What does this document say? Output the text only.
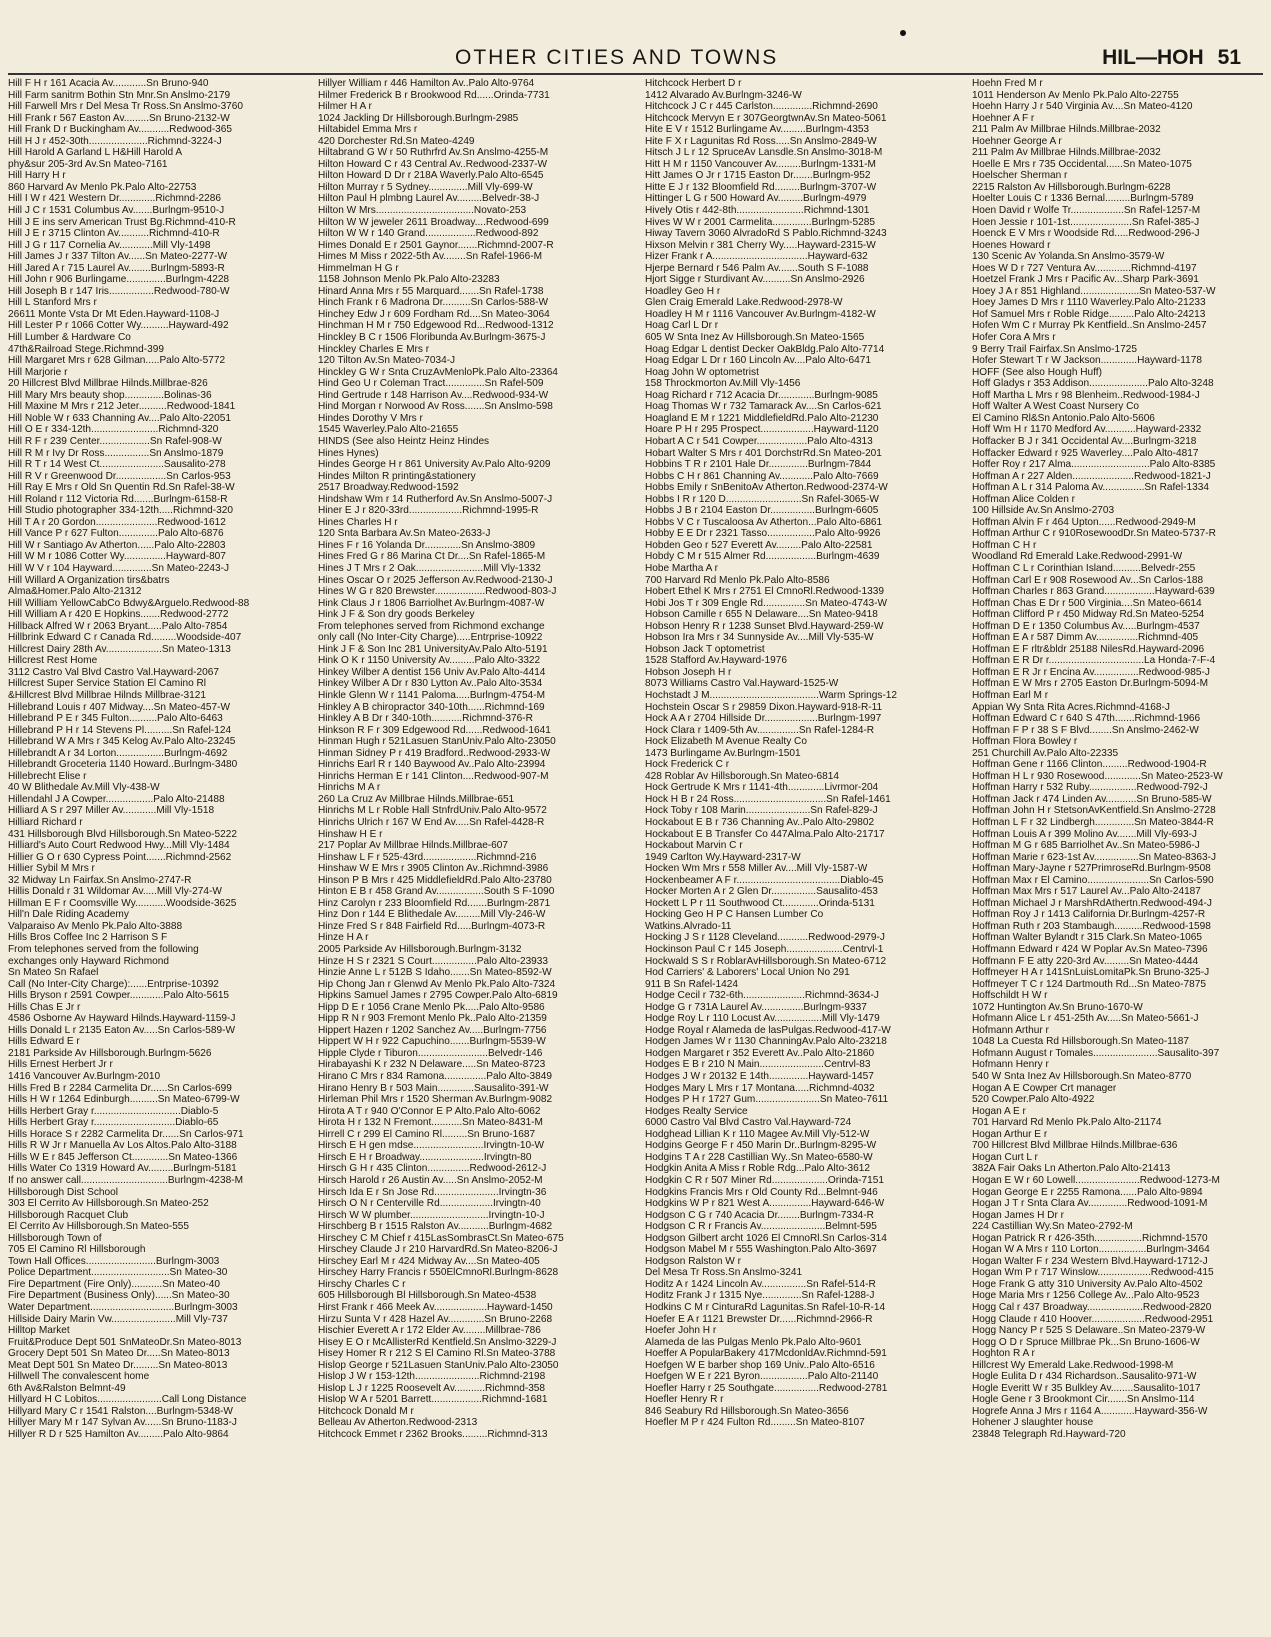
OTHER CITIES AND TOWNS	HIL—HOH 51
Hill F H r 161 Acacia Av............Sn Bruno-940
Hill Farm sanitrm Bothin Stn Mnr.Sn Anslmo-2179
Hill Farwell Mrs r Del Mesa Tr Ross.Sn Anslmo-3760
Hill Frank r 567 Easton Av.........Sn Bruno-2132-W
Hill Frank D r Buckingham Av...........Redwood-365
Hill H J r 452-30th.....................Richmnd-3224-J
Hill Harold A Garland L H&Hill Harold A
phy&sur 205-3rd Av.Sn Mateo-7161
Hill Harry H r
860 Harvard Av Menlo Pk.Palo Alto-22753
Hill I W r 421 Western Dr.............Richmnd-2286
Hill J C r 1531 Columbus Av.......Burlngm-9510-J
Hill J E ins serv American Trust Bg.Richmnd-410-R
Hill J E r 3715 Clinton Av...........Richmnd-410-R
Hill J G r 117 Cornelia Av............Mill Vly-1498
Hill James J r 337 Tilton Av......Sn Mateo-2277-W
Hill Jared A r 715 Laurel Av........Burlngm-5893-R
Hill John r 906 Burlingame..............Burlngm-4228
Hill Joseph B r 147 Iris................Redwood-780-W
Hill L Stanford Mrs r
26611 Monte Vsta Dr Mt Eden.Hayward-1108-J
Hill Lester P r 1066 Cotter Wy..........Hayward-492
Hill Lumber & Hardware Co
47th&Railroad Stege.Richmnd-399
Hill Margaret Mrs r 628 Gilman.....Palo Alto-5772
Hill Marjorie r
20 Hillcrest Blvd Millbrae Hilnds.Millbrae-826
Hill Mary Mrs beauty shop..............Bolinas-36
Hill Maxine M Mrs r 212 Jeter..........Redwood-1841
Hill Noble W r 633 Channing Av....Palo Alto-22051
Hill O E r 334-12th........................Richmnd-320
Hill R F r 239 Center..................Sn Rafel-908-W
Hill R M r Ivy Dr Ross................Sn Anslmo-1879
Hill R T r 14 West Ct.......................Sausalito-278
Hill R V r Greenwood Dr..................Sn Carlos-953
Hill Ray E Mrs r Old Sn Quentin Rd.Sn Rafel-38-W
Hill Roland r 112 Victoria Rd.......Burlngm-6158-R
Hill Studio photographer 334-12th.....Richmnd-320
Hill T A r 20 Gordon......................Redwood-1612
Hill Vance P r 627 Fulton..............Palo Alto-6876
Hill W r Santiago Av Atherton......Palo Alto-22803
Hill W M r 1086 Cotter Wy...............Hayward-807
Hill W V r 104 Hayward..............Sn Mateo-2243-J
Hill Willard A Organization tirs&batrs
Alma&Homer.Palo Alto-21312
Hill William YellowCabCo Bdwy&Arguelo.Redwood-88
Hill William A r 420 E Hopkins.......Redwood-2772
Hillback Alfred W r 2063 Bryant.....Palo Alto-7854
Hillbrink Edward C r Canada Rd.........Woodside-407
Hillcrest Dairy 28th Av....................Sn Mateo-1313
Hillcrest Rest Home
3112 Castro Val Blvd Castro Val.Hayward-2067
Hillcrest Super Service Station El Camino Rl
&Hillcrest Blvd Millbrae Hilnds Millbrae-3121
Hillebrand Louis r 407 Midway....Sn Mateo-457-W
Hillebrand P E r 345 Fulton..........Palo Alto-6463
Hillebrand P H r 14 Stevens Pl..........Sn Rafel-124
Hillebrand W A Mrs r 345 Kelog Av.Palo Alto-23245
Hillebrandt A r 34 Lorton.................Burlngm-4692
Hillebrandt Groceteria 1140 Howard..Burlngm-3480
Hillebrecht Elise r
40 W Blithedale Av.Mill Vly-438-W
Hillendahl J A Cowper.................Palo Alto-21488
Hilliard A S r 297 Miller Av............Mill Vly-1518
Hilliard Richard r
431 Hillsborough Blvd Hillsborough.Sn Mateo-5222
Hilliard's Auto Court Redwood Hwy...Mill Vly-1484
Hillier G O r 630 Cypress Point.......Richmnd-2562
Hillier Sybil M Mrs r
32 Midway Ln Fairfax.Sn Anslmo-2747-R
Hillis Donald r 31 Wildomar Av.....Mill Vly-274-W
Hillman E F r Coomsville Wy...........Woodside-3625
Hill'n Dale Riding Academy
Valparaiso Av Menlo Pk.Palo Alto-3888
Hills Bros Coffee Inc 2 Harrison S F
From telephones served from the following
exchanges only Hayward Richmond
Sn Mateo Sn Rafael
Call (No Inter-City Charge):......Entrprise-10392
Hills Bryson r 2591 Cowper............Palo Alto-5615
Hills Chas E Jr r
4586 Osborne Av Hayward Hilnds.Hayward-1159-J
Hills Donald L r 2135 Eaton Av.....Sn Carlos-589-W
Hills Edward E r
2181 Parkside Av Hillsborough.Burlngm-5626
Hills Ernest Herbert Jr r
1416 Vancouver Av.Burlngm-2010
Hills Fred B r 2284 Carmelita Dr......Sn Carlos-699
Hills H W r 1264 Edinburgh..........Sn Mateo-6799-W
Hills Herbert Gray r...............................Diablo-5
Hills Herbert Gray r.............................Diablo-65
Hills Horace S r 2282 Carmelita Dr......Sn Carlos-971
Hills R W Jr r Manuella Av Los Altos.Palo Alto-3188
Hills W E r 845 Jefferson Ct.............Sn Mateo-1366
Hills Water Co 1319 Howard Av.........Burlngm-5181
If no answer call...............................Burlngm-4238-M
Hillsborough Dist School
303 El Cerrito Av Hillsborough.Sn Mateo-252
Hillsborough Racquet Club
El Cerrito Av Hillsborough.Sn Mateo-555
Hillsborough Town of
705 El Camino Rl Hillsborough
Town Hall Offices.........................Burlngm-3003
Police Department............................Sn Mateo-30
Fire Department (Fire Only)...........Sn Mateo-40
Fire Department (Business Only)......Sn Mateo-30
Water Department..............................Burlngm-3003
Hillside Dairy Marin Vw.......................Mill Vly-737
Hilltop Market
Fruit&Produce Dept 501 SnMateoDr.Sn Mateo-8013
Grocery Dept 501 Sn Mateo Dr.....Sn Mateo-8013
Meat Dept 501 Sn Mateo Dr.........Sn Mateo-8013
Hillwell The convalescent home
6th Av&Ralston Belmnt-49
Hillyard H C Lobitos.......................Call Long Distance
Hillyard Mary C r 1541 Ralston....Burlngm-5348-W
Hillyer Mary M r 147 Sylvan Av......Sn Bruno-1183-J
Hillyer R D r 525 Hamilton Av.........Palo Alto-9864
Hillyer William r 446 Hamilton Av..Palo Alto-9764
Hilmer Frederick B r Brookwood Rd......Orinda-7731
Hilmer H A r
1024 Jackling Dr Hillsborough.Burlngm-2985
Hiltabidel Emma Mrs r
420 Dorchester Rd.Sn Mateo-4249
Hiltabrand G W r 50 Ruthrfrd Av.Sn Anslmo-4255-M
Hilton Howard C r 43 Central Av..Redwood-2337-W
Hilton Howard D Dr r 218A Waverly.Palo Alto-6545
Hilton Murray r 5 Sydney..............Mill Vly-699-W
Hilton Paul H plmbng Laurel Av.........Belvedr-38-J
Hilton W Mrs...................................Novato-253
Hilton W W jeweler 2611 Broadway....Redwood-699
Hilton W W r 140 Grand..................Redwood-892
Himes Donald E r 2501 Gaynor.......Richmnd-2007-R
Himes M Miss r 2022-5th Av........Sn Rafel-1966-M
Himmelman H G r
1158 Johnson Menlo Pk.Palo Alto-23283
Hinard Anna Mrs r 55 Marquard.......Sn Rafel-1738
Hinch Frank r 6 Madrona Dr..........Sn Carlos-588-W
Hinchey Edw J r 609 Fordham Rd....Sn Mateo-3064
Hinchman H M r 750 Edgewood Rd...Redwood-1312
Hinckley B C r 1506 Floribunda Av.Burlngm-3675-J
Hinckley Charles E Mrs r
120 Tilton Av.Sn Mateo-7034-J
Hinckley G W r Snta CruzAvMenloPk.Palo Alto-23364
Hind Geo U r Coleman Tract..............Sn Rafel-509
Hind Gertrude r 148 Harrison Av....Redwood-934-W
Hind Morgan r Norwood Av Ross.......Sn Anslmo-598
Hindes Dorothy V Mrs r
1545 Waverley.Palo Alto-21655
HINDS (See also Heintz Heinz Hindes
Hines Hynes)
Hindes George H r 861 University Av.Palo Alto-9209
Hindes Milton R printing&stationery
2517 Broadway.Redwood-1592
Hindshaw Wm r 14 Rutherford Av.Sn Anslmo-5007-J
Hiner E J r 820-33rd...................Richmnd-1995-R
Hines Charles H r
120 Snta Barbara Av.Sn Mateo-2633-J
Hines F r 16 Yolanda Dr.............Sn Anslmo-3809
Hines Fred G r 86 Marina Ct Dr....Sn Rafel-1865-M
Hines J T Mrs r 2 Oak........................Mill Vly-1332
Hines Oscar O r 2025 Jefferson Av.Redwood-2130-J
Hines W G r 820 Brewster..................Redwood-803-J
Hink Claus J r 1806 Barriolhet Av.Burlngm-4087-W
Hink J F & Son dry goods Berkeley
From telephones served from Richmond exchange
only call (No Inter-City Charge).....Entrprise-10922
Hink J F & Son Inc 281 UniversityAv.Palo Alto-5191
Hink O K r 1150 University Av.........Palo Alto-3322
Hinkey Wilber A dentist 156 Univ Av.Palo Alto-4414
Hinkey Wilber A Dr r 830 Lytton Av..Palo Alto-3534
Hinkle Glenn W r 1141 Paloma.....Burlngm-4754-M
Hinkley A B chiropractor 340-10th......Richmnd-169
Hinkley A B Dr r 340-10th...........Richmnd-376-R
Hinkson R F r 309 Edgewood Rd......Redwood-1641
Hinman Hugh r 521Lasuen StanUniv.Palo Alto-23050
Hinman Sidney P r 419 Bradford..Redwood-2933-W
Hinrichs Earl R r 140 Baywood Av..Palo Alto-23994
Hinrichs Herman E r 141 Clinton....Redwood-907-M
Hinrichs M A r
260 La Cruz Av Millbrae Hilnds.Millbrae-651
Hinrichs M L r Roble Hall StnfrdUniv.Palo Alto-9572
Hinrichs Ulrich r 167 W End Av.....Sn Rafel-4428-R
Hinshaw H E r
217 Poplar Av Millbrae Hilnds.Millbrae-607
Hinshaw L F r 525-43rd...................Richmnd-216
Hinshaw W E Mrs r 3905 Clinton Av..Richmnd-3986
Hinson P B Mrs r 425 MiddlefieldRd.Palo Alto-23780
Hinton E B r 458 Grand Av.................South S F-1090
Hinz Carolyn r 233 Bloomfield Rd.......Burlngm-2871
Hinz Don r 144 E Blithedale Av.........Mill Vly-246-W
Hinze Fred S r 848 Fairfield Rd.....Burlngm-4073-R
Hinze H A r
2005 Parkside Av Hillsborough.Burlngm-3132
Hinze H S r 2321 S Court................Palo Alto-23933
Hinzie Anne L r 512B S Idaho.......Sn Mateo-8592-W
Hip Chong Jan r Glenwd Av Menlo Pk.Palo Alto-7324
Hipkins Samuel James r 2795 Cowper.Palo Alto-6819
Hipp D E r 1056 Crane Menlo Pk.....Palo Alto-9586
Hipp R N r 903 Fremont Menlo Pk..Palo Alto-21359
Hippert Hazen r 1202 Sanchez Av.....Burlngm-7756
Hippert W H r 922 Capuchino.......Burlngm-5539-W
Hipple Clyde r Tiburon.........................Belvedr-146
Hirabayashi K r 232 N Delaware.....Sn Mateo-8723
Hirano C Mrs r 834 Ramona...............Palo Alto-3849
Hirano Henry B r 503 Main.............Sausalito-391-W
Hirleman Phil Mrs r 1520 Sherman Av.Burlngm-9082
Hirota A T r 940 O'Connor E P Alto.Palo Alto-6062
Hirota H r 132 N Fremont...........Sn Mateo-8431-M
Hirrell C r 299 El Camino Rl.........Sn Bruno-1687
Hirsch E H gen mdse.........................Irvingtn-10-W
Hirsch E H r Broadway.......................Irvingtn-80
Hirsch G H r 435 Clinton...............Redwood-2612-J
Hirsch Harold r 26 Austin Av.....Sn Anslmo-2052-M
Hirsch Ida E r Sn Jose Rd.......................Irvingtn-36
Hirsch O N r Centerville Rd...................Irvingtn-40
Hirsch W W plumber............................Irvingtn-10-J
Hirschberg B r 1515 Ralston Av...........Burlngm-4682
Hirschey C M Chief r 415LasSombrasCt.Sn Mateo-675
Hirschey Claude J r 210 HarvardRd.Sn Mateo-8206-J
Hirschey Earl M r 424 Midway Av....Sn Mateo-405
Hirschey Harry Francis r 550ElCmnoRl.Burlngm-8628
Hirschy Charles C r
605 Hillsborough Bl Hillsborough.Sn Mateo-4538
Hirst Frank r 466 Meek Av...................Hayward-1450
Hirzu Sunta V r 428 Hazel Av.............Sn Bruno-2268
Hischier Everett A r 172 Elder Av........Millbrae-786
Hisey E O r McAllisterRd Kentfield.Sn Anslmo-3229-J
Hisey Homer R r 212 S El Camino Rl.Sn Mateo-3788
Hislop George r 521Lasuen StanUniv.Palo Alto-23050
Hislop J W r 153-12th.......................Richmnd-2198
Hislop L J r 1225 Roosevelt Av...........Richmnd-358
Hislop W A r 5201 Barrett..................Richmnd-1681
Hitchcock Donald M r
Belleau Av Atherton.Redwood-2313
Hitchcock Emmet r 2362 Brooks.........Richmnd-313
Hitchcock Herbert D r
1412 Alvarado Av.Burlngm-3246-W
Hitchcock J C r 445 Carlston..............Richmnd-2690
Hitchcock Mervyn E r 307GeorgtwnAv.Sn Mateo-5061
Hite E V r 1512 Burlingame Av.........Burlngm-4353
Hite F X r Lagunitas Rd Ross.....Sn Anslmo-2849-W
Hitsch J L r 12 SpruceAv Lansdle.Sn Anslmo-3018-M
Hitt H M r 1150 Vancouver Av.........Burlngm-1331-M
Hitt James O Jr r 1715 Easton Dr.......Burlngm-952
Hitte E J r 132 Bloomfield Rd.........Burlngm-3707-W
Hittinger L G r 500 Howard Av.........Burlngm-4979
Hively Otis r 442-8th........................Richmnd-1301
Hives W W r 2001 Carmelita..............Burlngm-5285
Hiway Tavern 3060 AlvradoRd S Pablo.Richmnd-3243
Hixson Melvin r 381 Cherry Wy.....Hayward-2315-W
Hizer Frank r A..................................Hayward-632
Hjerpe Bernard r 546 Palm Av.......South S F-1088
Hjort Sigge r Sturdivant Av..........Sn Anslmo-2926
Hoadley Geo H r
Glen Craig Emerald Lake.Redwood-2978-W
Hoadley H M r 1116 Vancouver Av.Burlngm-4182-W
Hoag Carl L Dr r
605 W Snta Inez Av Hillsborough.Sn Mateo-1565
Hoag Edgar L dentist Decker OakBldg.Palo Alto-7714
Hoag Edgar L Dr r 160 Lincoln Av....Palo Alto-6471
Hoag John W optometrist
158 Throckmorton Av.Mill Vly-1456
Hoag Richard r 712 Acacia Dr.............Burlngm-9085
Hoag Thomas W r 732 Tamarack Av....Sn Carlos-621
Hoagland E M r 1221 MiddlefieldRd.Palo Alto-21230
Hoare P H r 295 Prospect...................Hayward-1120
Hobart A C r 541 Cowper..................Palo Alto-4313
Hobart Walter S Mrs r 401 DorchstrRd.Sn Mateo-201
Hobbins T R r 2101 Hale Dr..............Burlngm-7844
Hobbs C H r 861 Channing Av............Palo Alto-7669
Hobbs Emily r SnBenitoAv Atherton.Redwood-2374-W
Hobbs I R r 120 D...........................Sn Rafel-3065-W
Hobbs J B r 2104 Easton Dr................Burlngm-6605
Hobbs V C r Tuscaloosa Av Atherton...Palo Alto-6861
Hobby E E Dr r 2321 Tasso.................Palo Alto-9926
Hobden Geo r 527 Everett Av.........Palo Alto-22581
Hobdy C M r 515 Almer Rd..................Burlngm-4639
Hobe Martha A r
700 Harvard Rd Menlo Pk.Palo Alto-8586
Hobert Ethel K Mrs r 2751 El CmnoRl.Redwood-1339
Hobi Jos T r 309 Engle Rd...............Sn Mateo-4743-W
Hobson Camille r 655 N Delaware....Sn Mateo-9418
Hobson Henry R r 1238 Sunset Blvd.Hayward-259-W
Hobson Ira Mrs r 34 Sunnyside Av....Mill Vly-535-W
Hobson Jack T optometrist
1528 Stafford Av.Hayward-1976
Hobson Joseph H r
8073 Williams Castro Val.Hayward-1525-W
Hochstadt J M.......................................Warm Springs-12
Hochstein Oscar S r 29859 Dixon.Hayward-918-R-11
Hock A A r 2704 Hillside Dr...................Burlngm-1997
Hock Clara r 1409-5th Av...............Sn Rafel-1284-R
Hock Elizabeth M Avenue Realty Co
1473 Burlingame Av.Burlngm-1501
Hock Frederick C r
428 Roblar Av Hillsborough.Sn Mateo-6814
Hock Gertrude K Mrs r 1141-4th.............Livrmor-204
Hock H B r 24 Ross.................................Sn Rafel-1461
Hock Toby r 108 Marin.......................Sn Rafel-829-J
Hockabout E B r 736 Channing Av..Palo Alto-29802
Hockabout E B Transfer Co 447Alma.Palo Alto-21717
Hockabout Marvin C r
1949 Carlton Wy.Hayward-2317-W
Hocken Wm Mrs r 558 Miller Av....Mill Vly-1587-W
Hockenbeamer A F r.....................................Diablo-45
Hocker Morten A r 2 Glen Dr................Sausalito-453
Hockett L P r 11 Southwood Ct.............Orinda-5131
Hocking Geo H P C Hansen Lumber Co
Watkins.Alvrado-11
Hocking J S r 1128 Cleveland...........Redwood-2979-J
Hockinson Paul C r 145 Joseph....................Centrvl-1
Hockwald S S r RoblarAvHillsborough.Sn Mateo-6712
Hod Carriers' & Laborers' Local Union No 291
911 B Sn Rafel-1424
Hodge Cecil r 732-6th......................Richmnd-3634-J
Hodge G r 731A Laurel Av...............Burlngm-9337
Hodge Roy L r 110 Locust Av.................Mill Vly-1479
Hodge Royal r Alameda de lasPulgas.Redwood-417-W
Hodgen James W r 1130 ChanningAv.Palo Alto-23218
Hodgen Margaret r 352 Everett Av..Palo Alto-21860
Hodges E B r 210 N Main.......................Centrvl-83
Hodges J W r 20132 E 14th..............Hayward-1457
Hodges Mary L Mrs r 17 Montana.....Richmnd-4032
Hodges P H r 1727 Gum.......................Sn Mateo-7611
Hodges Realty Service
6000 Castro Val Blvd Castro Val.Hayward-724
Hodghead Lillian K r 110 Magee Av.Mill Vly-512-W
Hodgins George F r 450 Marin Dr..Burlngm-8295-W
Hodgins T A r 228 Castillian Wy..Sn Mateo-6580-W
Hodgkin Anita A Miss r Roble Rdg...Palo Alto-3612
Hodgkin C R r 507 Miner Rd....................Orinda-7151
Hodgkins Francis Mrs r Old County Rd...Belmnt-946
Hodgkins W P r 821 West A...............Hayward-646-W
Hodgson C G r 740 Acacia Dr........Burlngm-7334-R
Hodgson C R r Francis Av.......................Belmnt-595
Hodgson Gilbert archt 1026 El CmnoRl.Sn Carlos-314
Hodgson Mabel M r 555 Washington.Palo Alto-3697
Hodgson Ralston W r
Del Mesa Tr Ross.Sn Anslmo-3241
Hoditz A r 1424 Lincoln Av................Sn Rafel-514-R
Hoditz Frank J r 1315 Nye..............Sn Rafel-1288-J
Hodkins C M r CinturaRd Lagunitas.Sn Rafel-10-R-14
Hoefer E A r 1121 Brewster Dr......Richmnd-2966-R
Hoefer John H r
Alameda de las Pulgas Menlo Pk.Palo Alto-9601
Hoeffer A PopularBakery 417McdonldAv.Richmnd-591
Hoefgen W E barber shop 169 Univ..Palo Alto-6516
Hoefgen W E r 221 Byron.................Palo Alto-21140
Hoefler Harry r 25 Southgate................Redwood-2781
Hoefler Henry R r
846 Seabury Rd Hillsborough.Sn Mateo-3656
Hoefler M P r 424 Fulton Rd.........Sn Mateo-8107
Hoehn Fred M r
1011 Henderson Av Menlo Pk.Palo Alto-22755
Hoehn Harry J r 540 Virginia Av....Sn Mateo-4120
Hoehner A F r
211 Palm Av Millbrae Hilnds.Millbrae-2032
Hoehner George A r
211 Palm Av Millbrae Hilnds.Millbrae-2032
Hoelle E Mrs r 735 Occidental......Sn Mateo-1075
Hoelscher Sherman r
2215 Ralston Av Hillsborough.Burlngm-6228
Hoelter Louis C r 1336 Bernal.........Burlngm-5789
Hoen David r Wolfe Tr...................Sn Rafel-1257-M
Hoen Jessie r 101-1st......................Sn Rafel-385-J
Hoenck E V Mrs r Woodside Rd.....Redwood-296-J
Hoenes Howard r
130 Scenic Av Yolanda.Sn Anslmo-3579-W
Hoes W D r 727 Ventura Av.............Richmnd-4197
Hoetzel Frank J Mrs r Pacific Av...Sharp Park-3691
Hoey J A r 851 Highland.....................Sn Mateo-537-W
Hoey James D Mrs r 1110 Waverley.Palo Alto-21233
Hof Samuel Mrs r Roble Ridge.........Palo Alto-24213
Hofen Wm C r Murray Pk Kentfield..Sn Anslmo-2457
Hofer Cora A Mrs r
9 Berry Trail Fairfax.Sn Anslmo-1725
Hofer Stewart T r W Jackson.............Hayward-1178
HOFF (See also Hough Huff)
Hoff Gladys r 353 Addison.....................Palo Alto-3248
Hoff Martha L Mrs r 98 Blenheim..Redwood-1984-J
Hoff Walter A West Coast Nursery Co
El Camino Rl&Sn Antonio.Palo Alto-5606
Hoff Wm H r 1170 Medford Av...........Hayward-2332
Hoffacker B J r 341 Occidental Av....Burlngm-3218
Hoffacker Edward r 925 Waverley....Palo Alto-4817
Hoffer Roy r 217 Alma............................Palo Alto-8385
Hoffman A r 227 Alden......................Redwood-1821-J
Hoffman A L r 314 Paloma Av...............Sn Rafel-1334
Hoffman Alice Colden r
100 Hillside Av.Sn Anslmo-2703
Hoffman Alvin F r 464 Upton......Redwood-2949-M
Hoffman Arthur C r 910RosewoodDr.Sn Mateo-5737-R
Hoffman C H r
Woodland Rd Emerald Lake.Redwood-2991-W
Hoffman C L r Corinthian Island..........Belvedr-255
Hoffman Carl E r 908 Rosewood Av...Sn Carlos-188
Hoffman Charles r 863 Grand..................Hayward-639
Hoffman Chas E Dr r 500 Virginia....Sn Mateo-6614
Hoffman Clifford P r 450 Midway Rd.Sn Mateo-5254
Hoffman D E r 1350 Columbus Av.....Burlngm-4537
Hoffman E A r 587 Dimm Av...............Richmnd-405
Hoffman E F rltr&bldr 25188 NilesRd.Hayward-2096
Hoffman E R Dr r..................................La Honda-7-F-4
Hoffman E R Jr r Encina Av................Redwood-985-J
Hoffman E W Mrs r 2705 Easton Dr.Burlngm-5094-M
Hoffman Earl M r
Appian Wy Snta Rita Acres.Richmnd-4168-J
Hoffman Edward C r 640 S 47th.......Richmnd-1966
Hoffman F P r 38 S F Blvd........Sn Anslmo-2462-W
Hoffman Flora Bowley r
251 Churchill Av.Palo Alto-22335
Hoffman Gene r 1166 Clinton.........Redwood-1904-R
Hoffman H L r 930 Rosewood.............Sn Mateo-2523-W
Hoffman Harry r 532 Ruby.................Redwood-792-J
Hoffman Jack r 474 Linden Av...........Sn Bruno-585-W
Hoffman John H r StetsonAvKentfield.Sn Anslmo-2728
Hoffman L F r 32 Lindbergh..............Sn Mateo-3844-R
Hoffman Louis A r 399 Molino Av.......Mill Vly-693-J
Hoffman M G r 685 Barriolhet Av..Sn Mateo-5986-J
Hoffman Marie r 623-1st Av................Sn Mateo-8363-J
Hoffman Mary-Jayne r 527PrimroseRd.Burlngm-9508
Hoffman Max r El Camino......................Sn Carlos-590
Hoffman Max Mrs r 517 Laurel Av...Palo Alto-24187
Hoffman Michael J r MarshRdAthertn.Redwood-494-J
Hoffman Roy J r 1413 California Dr.Burlngm-4257-R
Hoffman Ruth r 203 Stambaugh..........Redwood-1598
Hoffman Walter Bylandt r 315 Clark.Sn Mateo-1065
Hoffmann Edward r 424 W Poplar Av.Sn Mateo-7396
Hoffmann F E atty 220-3rd Av.........Sn Mateo-4444
Hoffmeyer H A r 141SnLuisLomitaPk.Sn Bruno-325-J
Hoffmeyer T C r 124 Dartmouth Rd...Sn Mateo-7875
Hoffschildt H W r
1072 Huntington Av.Sn Bruno-1670-W
Hofmann Alice L r 451-25th Av.....Sn Mateo-5661-J
Hofmann Arthur r
1048 La Cuesta Rd Hillsborough.Sn Mateo-1187
Hofmann August r Tomales.......................Sausalito-397
Hofmann Henry r
540 W Snta Inez Av Hillsborough.Sn Mateo-8770
Hogan A E Cowper Crt manager
520 Cowper.Palo Alto-4922
Hogan A E r
701 Harvard Rd Menlo Pk.Palo Alto-21174
Hogan Arthur E r
700 Hillcrest Blvd Millbrae Hilnds.Millbrae-636
Hogan Curt L r
382A Fair Oaks Ln Atherton.Palo Alto-21413
Hogan E W r 60 Lowell.......................Redwood-1273-M
Hogan George E r 2255 Ramona......Palo Alto-9894
Hogan J T r Snta Clara Av..............Redwood-1091-M
Hogan James H Dr r
224 Castillian Wy.Sn Mateo-2792-M
Hogan Patrick R r 426-35th.................Richmnd-1570
Hogan W A Mrs r 110 Lorton.................Burlngm-3464
Hogan Walter F r 234 Western Blvd.Hayward-1712-J
Hogan Wm P r 717 Winslow...................Redwood-415
Hoge Frank G atty 310 University Av.Palo Alto-4502
Hoge Maria Mrs r 1256 College Av...Palo Alto-9523
Hogg Cal r 437 Broadway....................Redwood-2820
Hogg Claude r 410 Hoover...................Redwood-2951
Hogg Nancy P r 525 S Delaware..Sn Mateo-2379-W
Hogg O D r Spruce Millbrae Pk...Sn Bruno-1606-W
Hoghton R A r
Hillcrest Wy Emerald Lake.Redwood-1998-M
Hogle Eulita D r 434 Richardson..Sausalito-971-W
Hogle Everitt W r 35 Bulkley Av........Sausalito-1017
Hogle Gene r 3 Brookmont Cir.......Sn Anslmo-114
Hogrefe Anna J Mrs r 1164 A............Hayward-356-W
Hohener J slaughter house
23848 Telegraph Rd.Hayward-720
